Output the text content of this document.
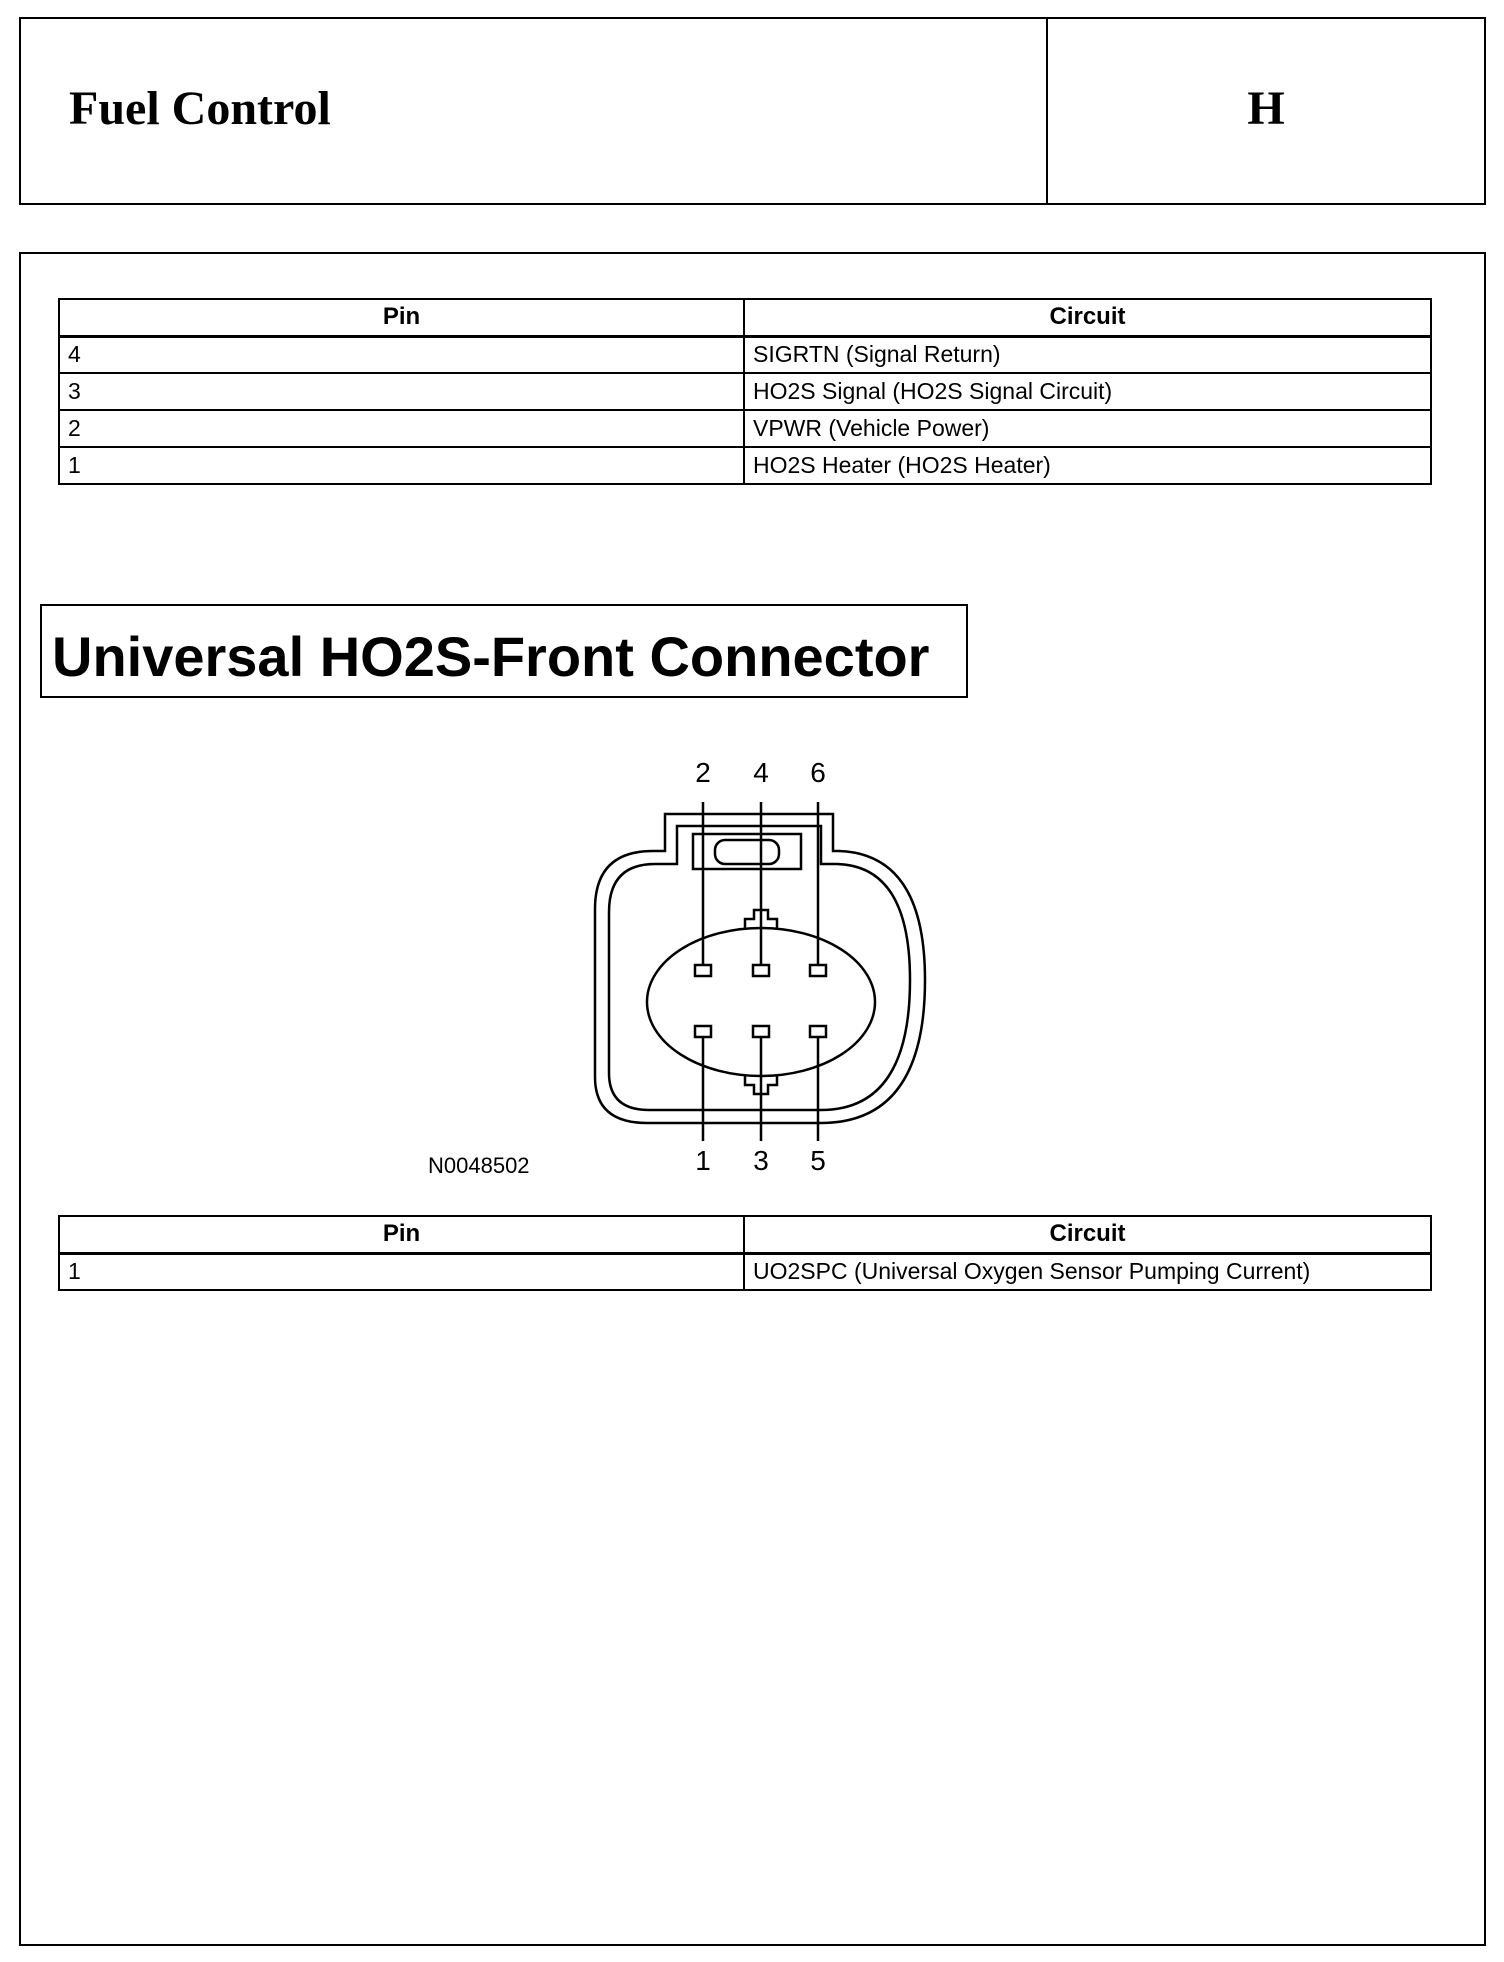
Fuel Control	H
Pin	Circuit
4	SIGRTN (Signal Return)
3	HO2S Signal (HO2S Signal Circuit)
2	VPWR (Vehicle Power)
1	HO2S Heater (HO2S Heater)
Universal HO2S-Front Connector
2 4 6
1 3 5
N0048502
Pin	Circuit
1	UO2SPC (Universal Oxygen Sensor Pumping Current)
